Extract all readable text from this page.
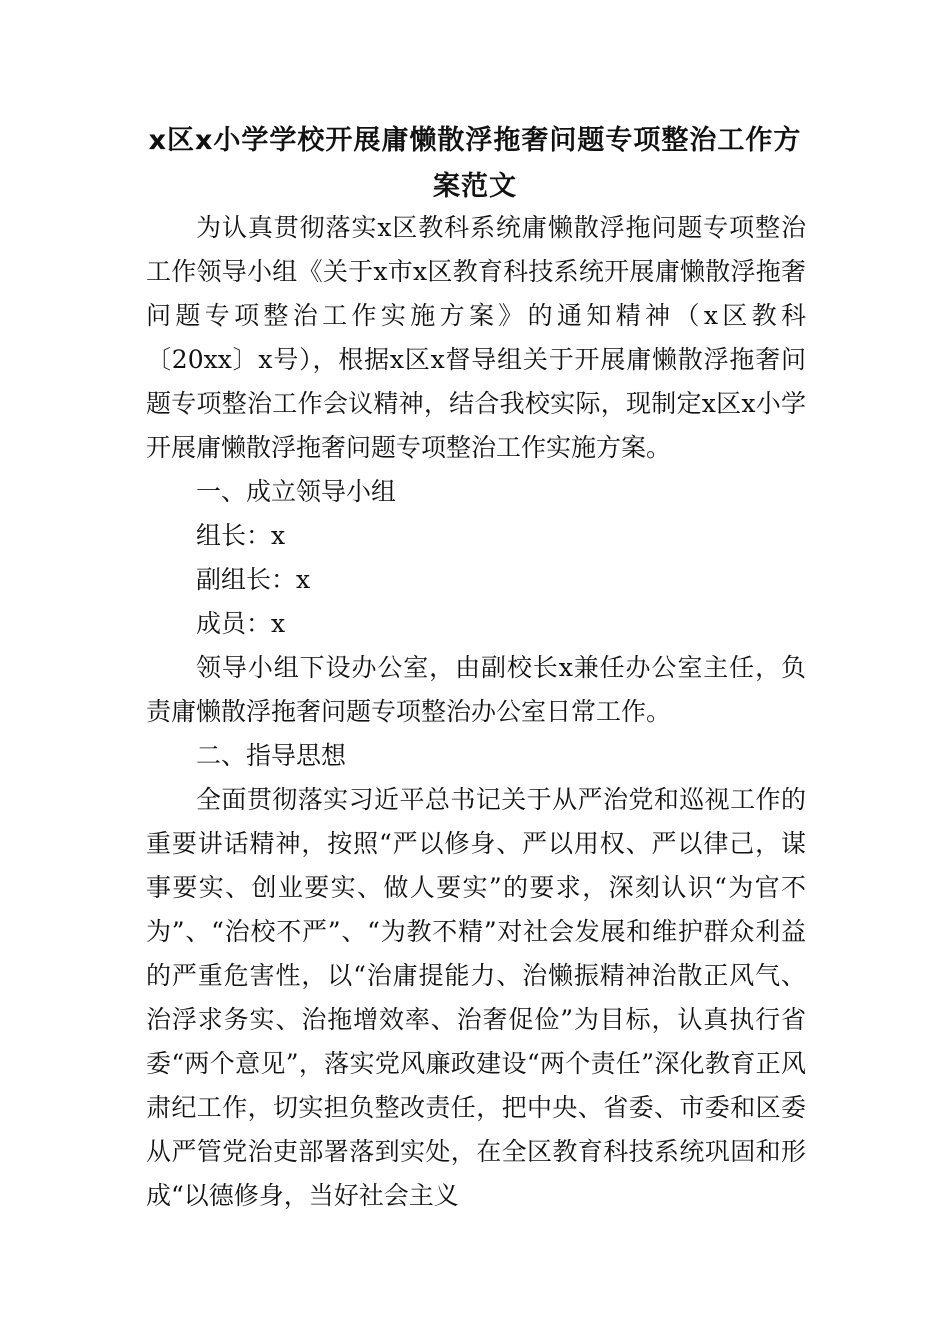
x区x小学学校开展庸懒散浮拖奢问题专项整治工作方案范文

为认真贯彻落实x区教科系统庸懒散浮拖问题专项整治工作领导小组《关于x市x区教育科技系统开展庸懒散浮拖奢问题专项整治工作实施方案》的通知精神（x区教科〔20xx〕x号），根据x区x督导组关于开展庸懒散浮拖奢问题专项整治工作会议精神，结合我校实际，现制定x区x小学开展庸懒散浮拖奢问题专项整治工作实施方案。

一、成立领导小组

组长：x

副组长：x

成员：x

领导小组下设办公室，由副校长x兼任办公室主任，负责庸懒散浮拖奢问题专项整治办公室日常工作。

二、指导思想

全面贯彻落实习近平总书记关于从严治党和巡视工作的重要讲话精神，按照“严以修身、严以用权、严以律己，谋事要实、创业要实、做人要实”的要求，深刻认识“为官不为”、“治校不严”、“为教不精”对社会发展和维护群众利益的严重危害性，以“治庸提能力、治懒振精神治散正风气、治浮求务实、治拖增效率、治奢促俭”为目标，认真执行省委“两个意见”，落实党风廉政建设“两个责任”深化教育正风肃纪工作，切实担负整改责任，把中央、省委、市委和区委从严管党治吏部署落到实处，在全区教育科技系统巩固和形成“以德修身，当好社会主义
